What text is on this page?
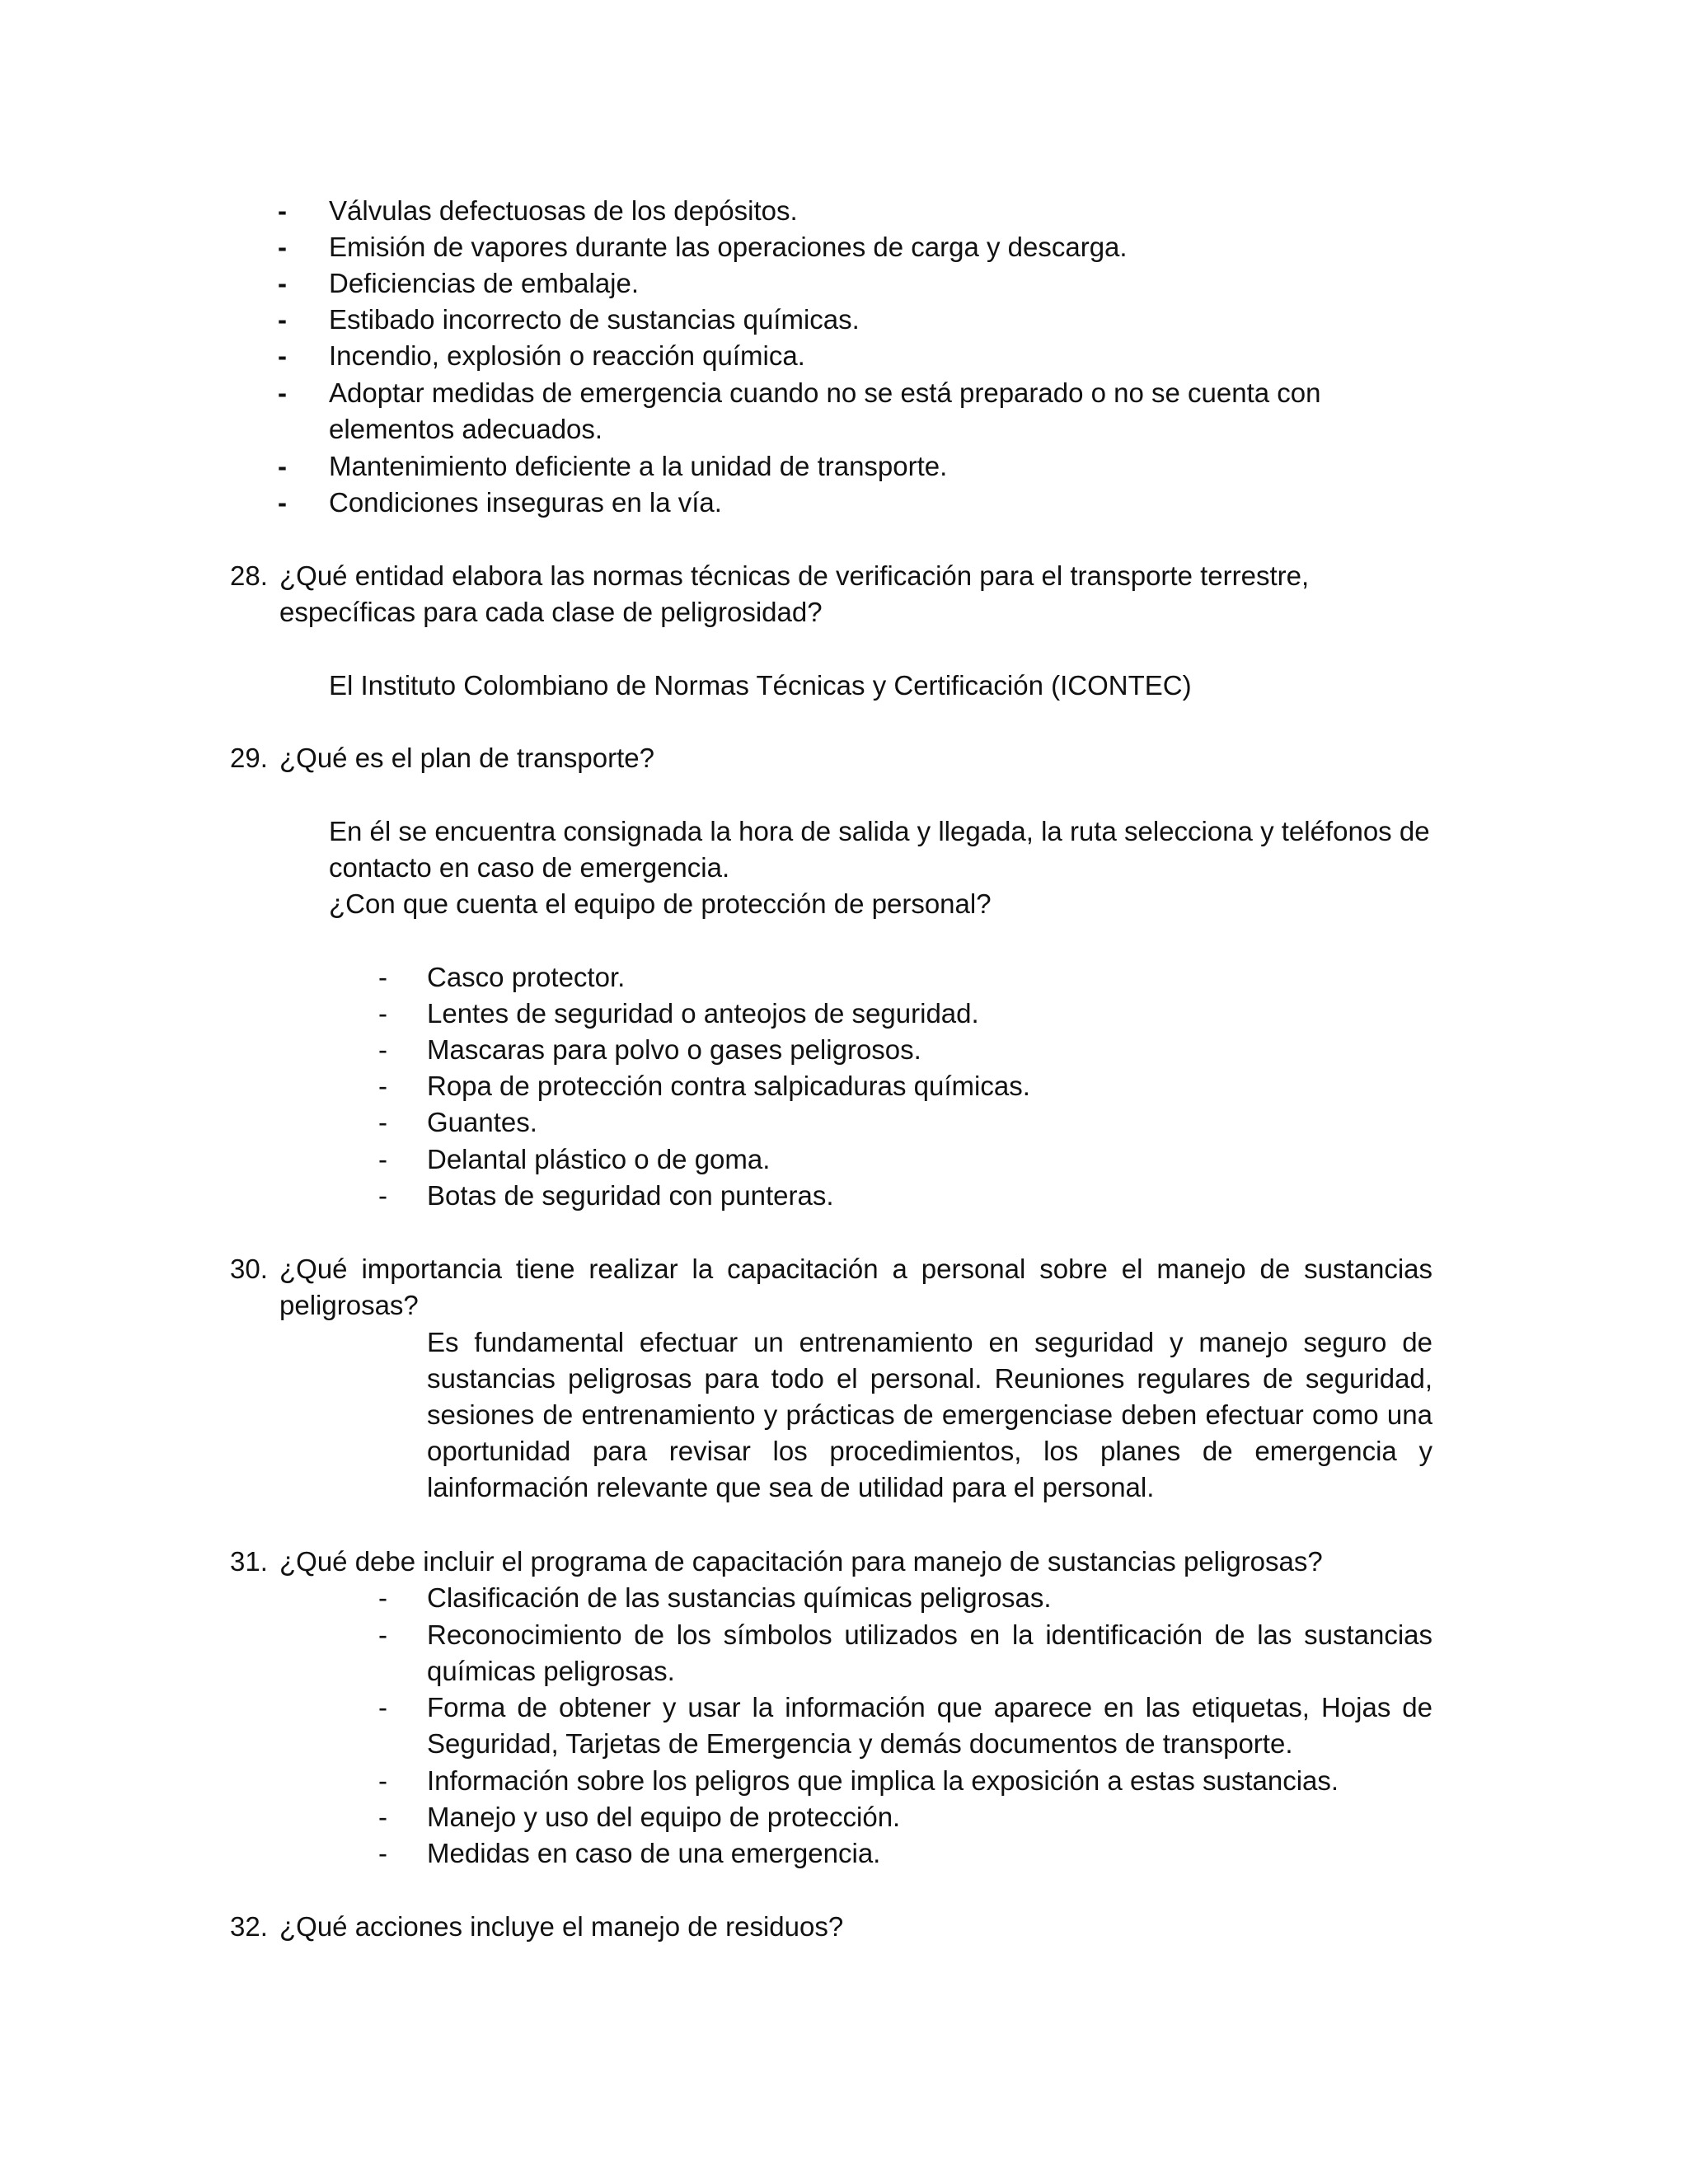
- Válvulas defectuosas de los depósitos.
- Emisión de vapores durante las operaciones de carga y descarga.
- Deficiencias de embalaje.
- Estibado incorrecto de sustancias químicas.
- Incendio, explosión o reacción química.
- Adoptar medidas de emergencia cuando no se está preparado o no se cuenta con
elementos adecuados.
- Mantenimiento deficiente a la unidad de transporte.
- Condiciones inseguras en la vía.
28. ¿Qué entidad elabora las normas técnicas de verificación para el transporte terrestre,
específicas para cada clase de peligrosidad?
El Instituto Colombiano de Normas Técnicas y Certificación (ICONTEC)
29. ¿Qué es el plan de transporte?
En él se encuentra consignada la hora de salida y llegada, la ruta selecciona y teléfonos de
contacto en caso de emergencia.
¿Con que cuenta el equipo de protección de personal?
- Casco protector.
- Lentes de seguridad o anteojos de seguridad.
- Mascaras para polvo o gases peligrosos.
- Ropa de protección contra salpicaduras químicas.
- Guantes.
- Delantal plástico o de goma.
- Botas de seguridad con punteras.
30. ¿Qué importancia tiene realizar la capacitación a personal sobre el manejo de sustancias
peligrosas?
Es fundamental efectuar un entrenamiento en seguridad y manejo seguro de
sustancias peligrosas para todo el personal. Reuniones regulares de seguridad,
sesiones de entrenamiento y prácticas de emergenciase deben efectuar como una
oportunidad para revisar los procedimientos, los planes de emergencia y
lainformación relevante que sea de utilidad para el personal.
31. ¿Qué debe incluir el programa de capacitación para manejo de sustancias peligrosas?
- Clasificación de las sustancias químicas peligrosas.
- Reconocimiento de los símbolos utilizados en la identificación de las sustancias
químicas peligrosas.
- Forma de obtener y usar la información que aparece en las etiquetas, Hojas de
Seguridad, Tarjetas de Emergencia y demás documentos de transporte.
- Información sobre los peligros que implica la exposición a estas sustancias.
- Manejo y uso del equipo de protección.
- Medidas en caso de una emergencia.
32. ¿Qué acciones incluye el manejo de residuos?
